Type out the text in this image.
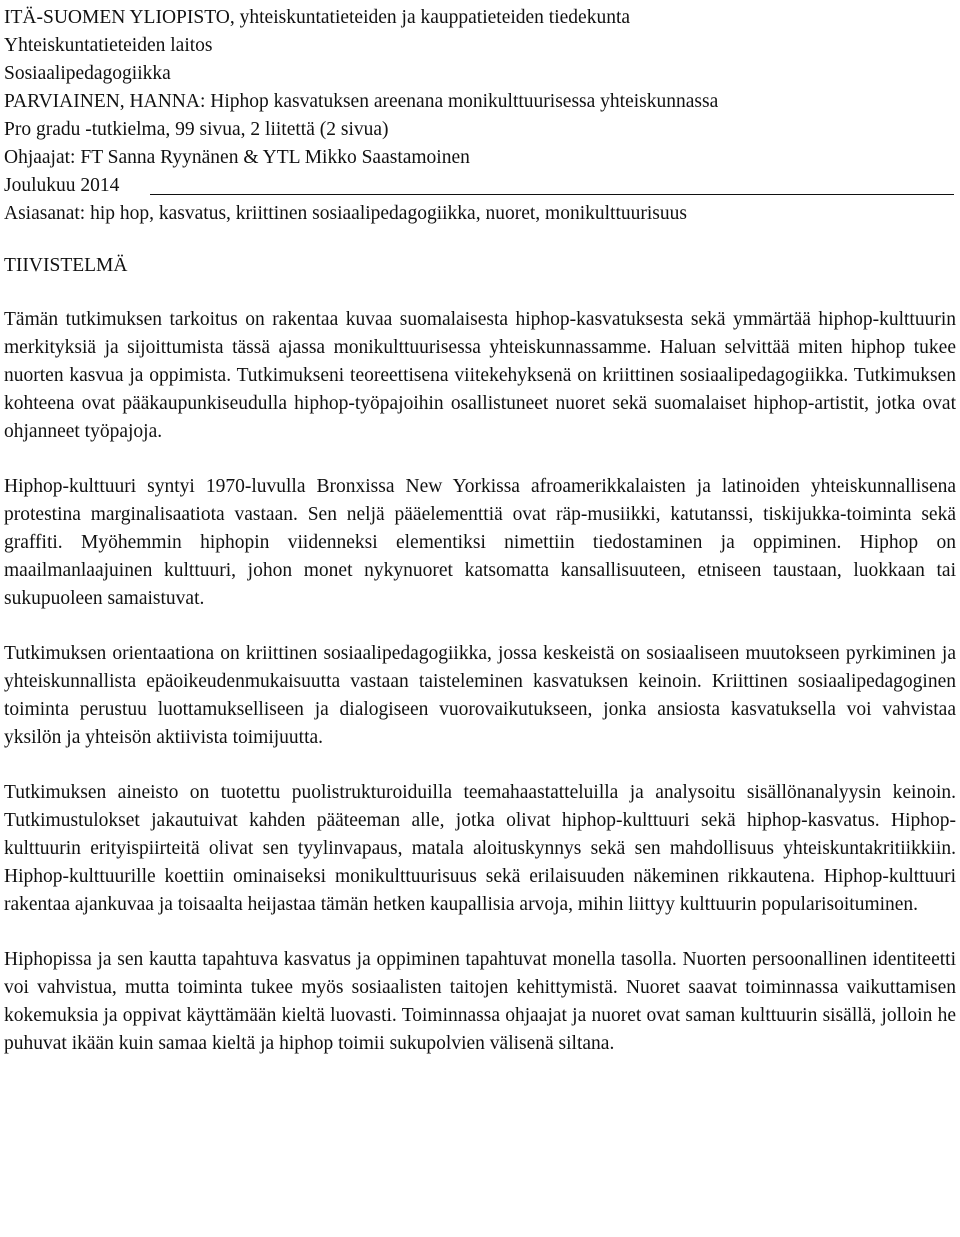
ITÄ-SUOMEN YLIOPISTO, yhteiskuntatieteiden ja kauppatieteiden tiedekunta
Yhteiskuntatieteiden laitos
Sosiaalipedagogiikka
PARVIAINEN, HANNA: Hiphop kasvatuksen areenana monikulttuurisessa yhteiskunnassa
Pro gradu -tutkielma, 99 sivua, 2 liitettä (2 sivua)
Ohjaajat: FT Sanna Ryynänen & YTL Mikko Saastamoinen
Joulukuu 2014
Asiasanat: hip hop, kasvatus, kriittinen sosiaalipedagogiikka, nuoret, monikulttuurisuus
TIIVISTELMÄ

Tämän tutkimuksen tarkoitus on rakentaa kuvaa suomalaisesta hiphop-kasvatuksesta sekä ymmärtää hiphop-kulttuurin merkityksiä ja sijoittumista tässä ajassa monikulttuurisessa yhteiskunnassamme. Haluan selvittää miten hiphop tukee nuorten kasvua ja oppimista. Tutkimukseni teoreettisena viitekehyksenä on kriittinen sosiaalipedagogiikka. Tutkimuksen kohteena ovat pääkaupunkiseudulla hiphop-työpajoihin osallistuneet nuoret sekä suomalaiset hiphop-artistit, jotka ovat ohjanneet työpajoja.

Hiphop-kulttuuri syntyi 1970-luvulla Bronxissa New Yorkissa afroamerikkalaisten ja latinoiden yhteiskunnallisena protestina marginalisaatiota vastaan. Sen neljä pääelementtiä ovat räp-musiikki, katutanssi, tiskijukka-toiminta sekä graffiti. Myöhemmin hiphopin viidenneksi elementiksi nimettiin tiedostaminen ja oppiminen. Hiphop on maailmanlaajuinen kulttuuri, johon monet nykynuoret katsomatta kansallisuuteen, etniseen taustaan, luokkaan tai sukupuoleen samaistuvat.

Tutkimuksen orientaationa on kriittinen sosiaalipedagogiikka, jossa keskeistä on sosiaaliseen muutokseen pyrkiminen ja yhteiskunnallista epäoikeudenmukaisuutta vastaan taisteleminen kasvatuksen keinoin. Kriittinen sosiaalipedagoginen toiminta perustuu luottamukselliseen ja dialogiseen vuorovaikutukseen, jonka ansiosta kasvatuksella voi vahvistaa yksilön ja yhteisön aktiivista toimijuutta.

Tutkimuksen aineisto on tuotettu puolistrukturoiduilla teemahaastatteluilla ja analysoitu sisällönanalyysin keinoin. Tutkimustulokset jakautuivat kahden pääteeman alle, jotka olivat hiphop-kulttuuri sekä hiphop-kasvatus. Hiphop-kulttuurin erityispiirteitä olivat sen tyylinvapaus, matala aloituskynnys sekä sen mahdollisuus yhteiskuntakritiikkiin. Hiphop-kulttuurille koettiin ominaiseksi monikulttuurisuus sekä erilaisuuden näkeminen rikkautena. Hiphop-kulttuuri rakentaa ajankuvaa ja toisaalta heijastaa tämän hetken kaupallisia arvoja, mihin liittyy kulttuurin popularisoituminen.

Hiphopissa ja sen kautta tapahtuva kasvatus ja oppiminen tapahtuvat monella tasolla. Nuorten persoonallinen identiteetti voi vahvistua, mutta toiminta tukee myös sosiaalisten taitojen kehittymistä. Nuoret saavat toiminnassa vaikuttamisen kokemuksia ja oppivat käyttämään kieltä luovasti. Toiminnassa ohjaajat ja nuoret ovat saman kulttuurin sisällä, jolloin he puhuvat ikään kuin samaa kieltä ja hiphop toimii sukupolvien välisenä siltana.
